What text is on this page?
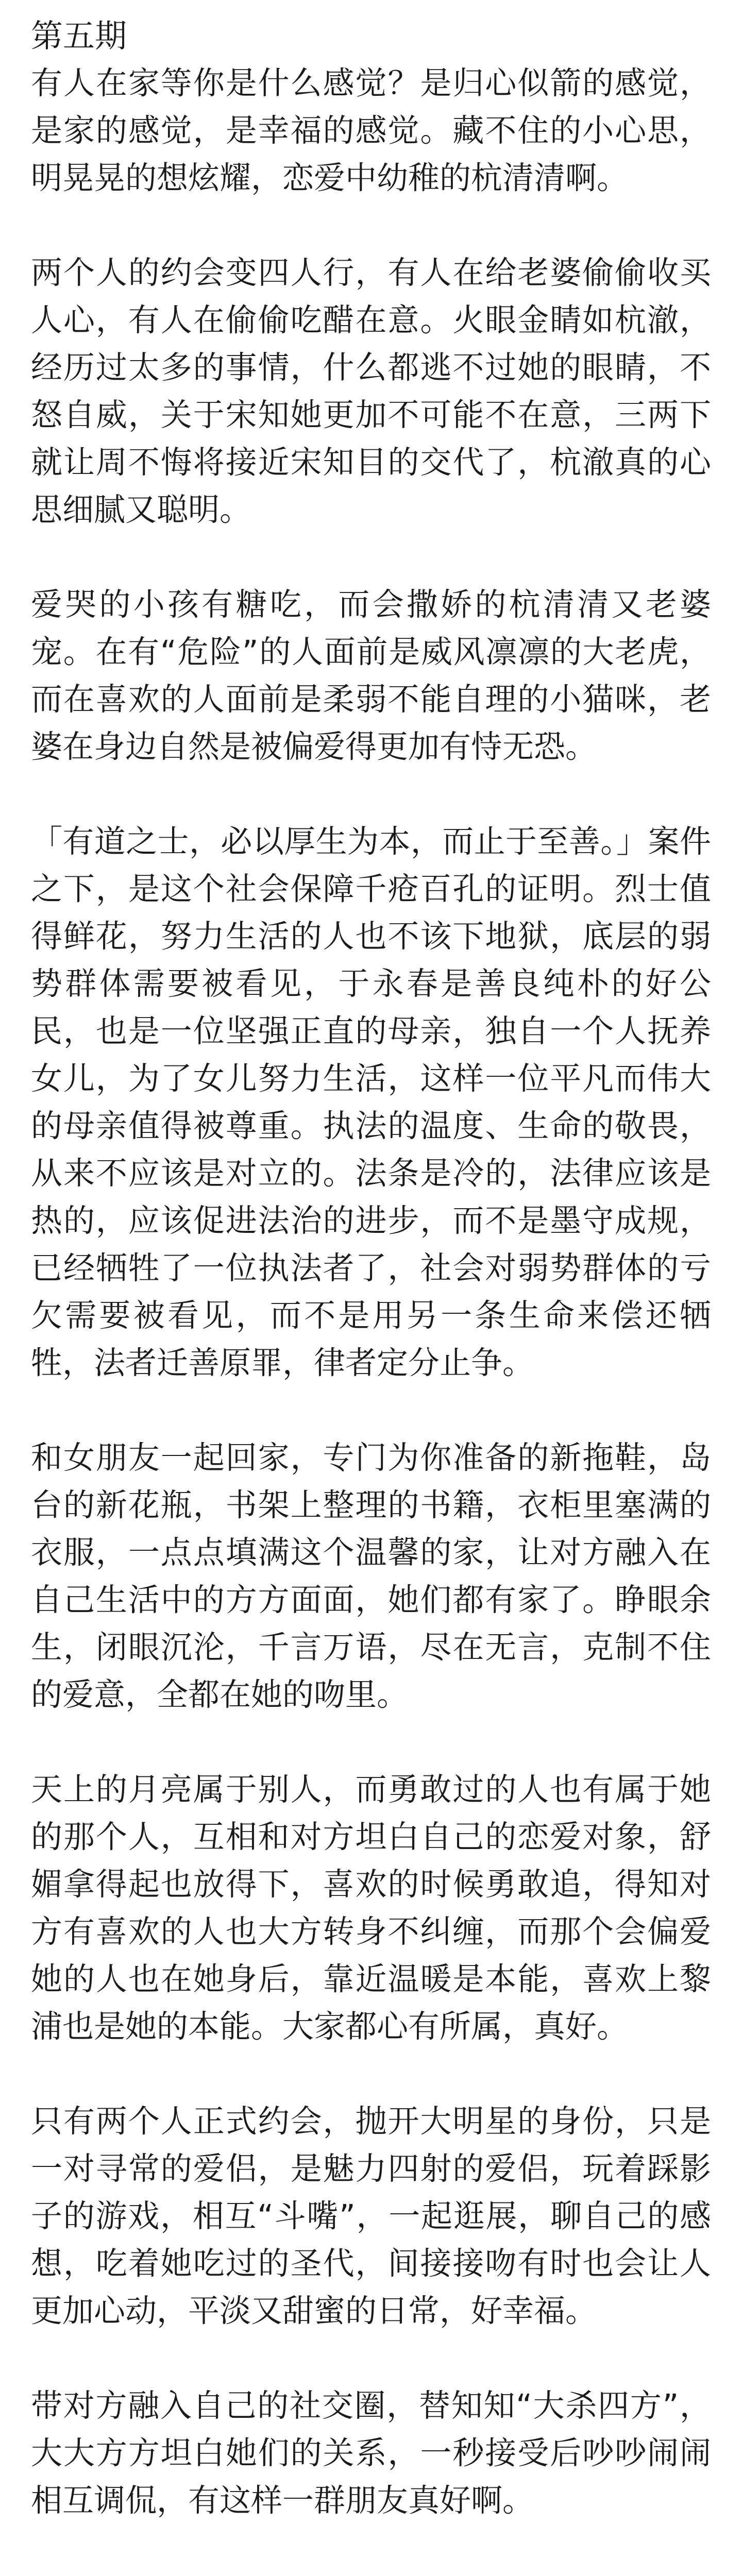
第五期

有人在家等你是什么感觉？是归心似箭的感觉，是家的感觉，是幸福的感觉。藏不住的小心思，明晃晃的想炫耀，恋爱中幼稚的杭清清啊。

两个人的约会变四人行，有人在给老婆偷偷收买人心，有人在偷偷吃醋在意。火眼金睛如杭澈，经历过太多的事情，什么都逃不过她的眼睛，不怒自威，关于宋知她更加不可能不在意，三两下就让周不悔将接近宋知目的交代了，杭澈真的心思细腻又聪明。

爱哭的小孩有糖吃，而会撒娇的杭清清又老婆宠。在有“危险”的人面前是威风凛凛的大老虎，而在喜欢的人面前是柔弱不能自理的小猫咪，老婆在身边自然是被偏爱得更加有恃无恐。

「有道之士，必以厚生为本，而止于至善。」案件之下，是这个社会保障千疮百孔的证明。烈士值得鲜花，努力生活的人也不该下地狱，底层的弱势群体需要被看见，于永春是善良纯朴的好公民，也是一位坚强正直的母亲，独自一个人抚养女儿，为了女儿努力生活，这样一位平凡而伟大的母亲值得被尊重。执法的温度、生命的敬畏，从来不应该是对立的。法条是冷的，法律应该是热的，应该促进法治的进步，而不是墨守成规，已经牺牲了一位执法者了，社会对弱势群体的亏欠需要被看见，而不是用另一条生命来偿还牺牲，法者迁善原罪，律者定分止争。

和女朋友一起回家，专门为你准备的新拖鞋，岛台的新花瓶，书架上整理的书籍，衣柜里塞满的衣服，一点点填满这个温馨的家，让对方融入在自己生活中的方方面面，她们都有家了。睁眼余生，闭眼沉沦，千言万语，尽在无言，克制不住的爱意，全都在她的吻里。

天上的月亮属于别人，而勇敢过的人也有属于她的那个人，互相和对方坦白自己的恋爱对象，舒媚拿得起也放得下，喜欢的时候勇敢追，得知对方有喜欢的人也大方转身不纠缠，而那个会偏爱她的人也在她身后，靠近温暖是本能，喜欢上黎浦也是她的本能。大家都心有所属，真好。

只有两个人正式约会，抛开大明星的身份，只是一对寻常的爱侣，是魅力四射的爱侣，玩着踩影子的游戏，相互“斗嘴”，一起逛展，聊自己的感想，吃着她吃过的圣代，间接接吻有时也会让人更加心动，平淡又甜蜜的日常，好幸福。

带对方融入自己的社交圈，替知知“大杀四方”，大大方方坦白她们的关系，一秒接受后吵吵闹闹相互调侃，有这样一群朋友真好啊。
